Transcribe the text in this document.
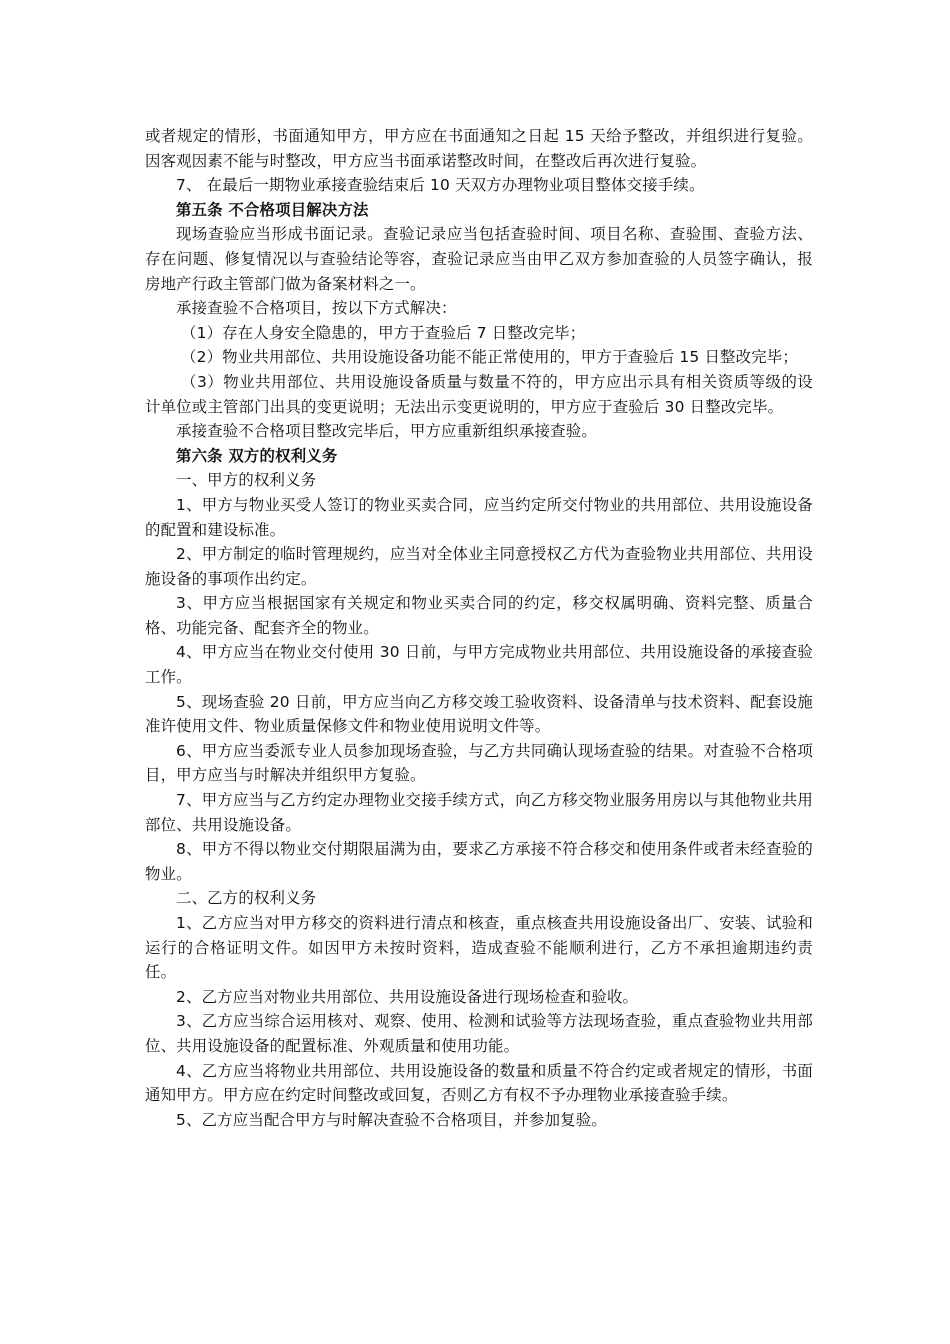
或者规定的情形，书面通知甲方，甲方应在书面通知之日起 15 天给予整改，并组织进行复验。因客观因素不能与时整改，甲方应当书面承诺整改时间，在整改后再次进行复验。

7、 在最后一期物业承接查验结束后 10 天双方办理物业项目整体交接手续。

第五条 不合格项目解决方法

现场查验应当形成书面记录。查验记录应当包括查验时间、项目名称、查验围、查验方法、存在问题、修复情况以与查验结论等容，查验记录应当由甲乙双方参加查验的人员签字确认，报房地产行政主管部门做为备案材料之一。

承接查验不合格项目，按以下方式解决：

（1）存在人身安全隐患的，甲方于查验后 7 日整改完毕；

（2）物业共用部位、共用设施设备功能不能正常使用的，甲方于查验后 15 日整改完毕；

（3）物业共用部位、共用设施设备质量与数量不符的，甲方应出示具有相关资质等级的设计单位或主管部门出具的变更说明；无法出示变更说明的，甲方应于查验后 30 日整改完毕。

承接查验不合格项目整改完毕后，甲方应重新组织承接查验。

第六条 双方的权利义务

一、甲方的权利义务

1、甲方与物业买受人签订的物业买卖合同，应当约定所交付物业的共用部位、共用设施设备的配置和建设标准。

2、甲方制定的临时管理规约，应当对全体业主同意授权乙方代为查验物业共用部位、共用设施设备的事项作出约定。

3、甲方应当根据国家有关规定和物业买卖合同的约定，移交权属明确、资料完整、质量合格、功能完备、配套齐全的物业。

4、甲方应当在物业交付使用 30 日前，与甲方完成物业共用部位、共用设施设备的承接查验工作。

5、现场查验 20 日前，甲方应当向乙方移交竣工验收资料、设备清单与技术资料、配套设施准许使用文件、物业质量保修文件和物业使用说明文件等。

6、甲方应当委派专业人员参加现场查验，与乙方共同确认现场查验的结果。对查验不合格项目，甲方应当与时解决并组织甲方复验。

7、甲方应当与乙方约定办理物业交接手续方式，向乙方移交物业服务用房以与其他物业共用部位、共用设施设备。

8、甲方不得以物业交付期限届满为由，要求乙方承接不符合移交和使用条件或者未经查验的物业。

二、乙方的权利义务

1、乙方应当对甲方移交的资料进行清点和核查，重点核查共用设施设备出厂、安装、试验和运行的合格证明文件。如因甲方未按时资料，造成查验不能顺利进行，乙方不承担逾期违约责任。

2、乙方应当对物业共用部位、共用设施设备进行现场检查和验收。

3、乙方应当综合运用核对、观察、使用、检测和试验等方法现场查验，重点查验物业共用部位、共用设施设备的配置标准、外观质量和使用功能。

4、乙方应当将物业共用部位、共用设施设备的数量和质量不符合约定或者规定的情形，书面通知甲方。甲方应在约定时间整改或回复，否则乙方有权不予办理物业承接查验手续。

5、乙方应当配合甲方与时解决查验不合格项目，并参加复验。
